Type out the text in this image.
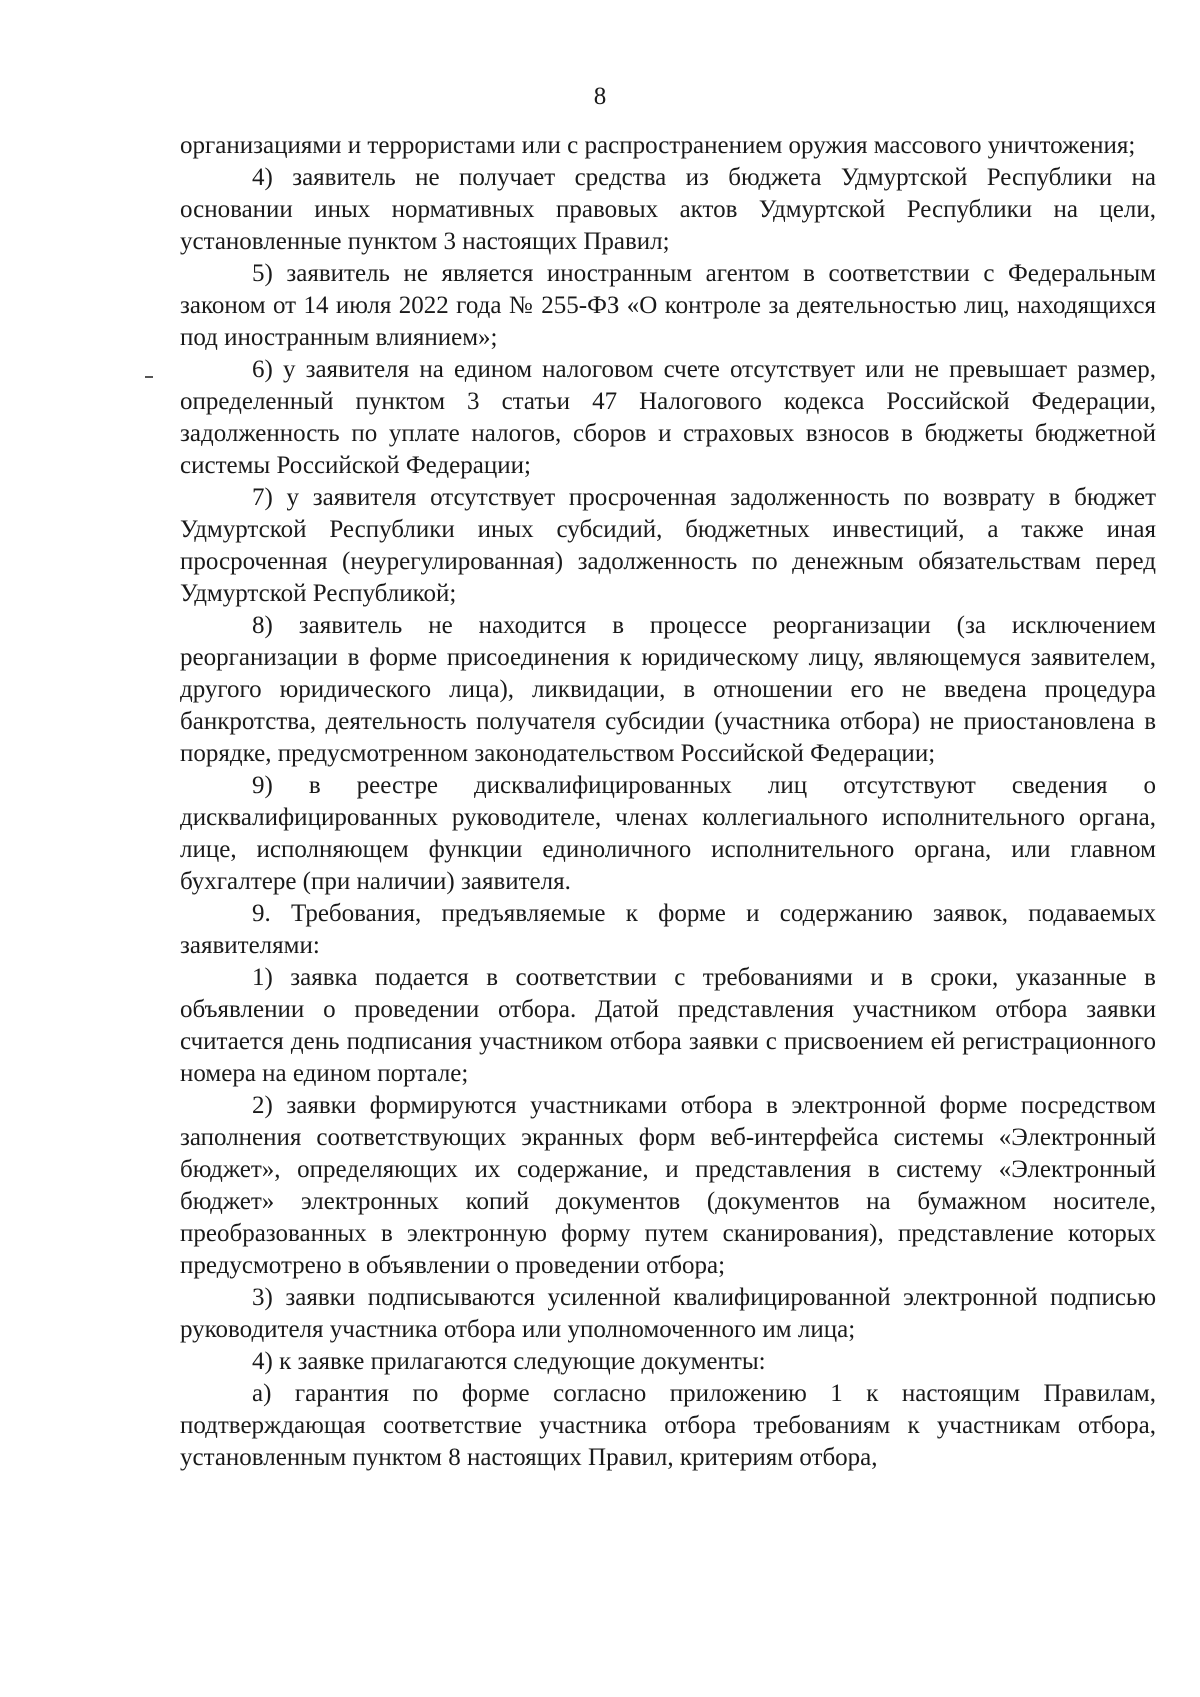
8

организациями и террористами или с распространением оружия массового уничтожения;

4) заявитель не получает средства из бюджета Удмуртской Республики на основании иных нормативных правовых актов Удмуртской Республики на цели, установленные пунктом 3 настоящих Правил;

5) заявитель не является иностранным агентом в соответствии с Федеральным законом от 14 июля 2022 года № 255-ФЗ «О контроле за деятельностью лиц, находящихся под иностранным влиянием»;

6) у заявителя на едином налоговом счете отсутствует или не превышает размер, определенный пунктом 3 статьи 47 Налогового кодекса Российской Федерации, задолженность по уплате налогов, сборов и страховых взносов в бюджеты бюджетной системы Российской Федерации;

7) у заявителя отсутствует просроченная задолженность по возврату в бюджет Удмуртской Республики иных субсидий, бюджетных инвестиций, а также иная просроченная (неурегулированная) задолженность по денежным обязательствам перед Удмуртской Республикой;

8) заявитель не находится в процессе реорганизации (за исключением реорганизации в форме присоединения к юридическому лицу, являющемуся заявителем, другого юридического лица), ликвидации, в отношении его не введена процедура банкротства, деятельность получателя субсидии (участника отбора) не приостановлена в порядке, предусмотренном законодательством Российской Федерации;

9) в реестре дисквалифицированных лиц отсутствуют сведения о дисквалифицированных руководителе, членах коллегиального исполнительного органа, лице, исполняющем функции единоличного исполнительного органа, или главном бухгалтере (при наличии) заявителя.

9. Требования, предъявляемые к форме и содержанию заявок, подаваемых заявителями:

1) заявка подается в соответствии с требованиями и в сроки, указанные в объявлении о проведении отбора. Датой представления участником отбора заявки считается день подписания участником отбора заявки с присвоением ей регистрационного номера на едином портале;

2) заявки формируются участниками отбора в электронной форме посредством заполнения соответствующих экранных форм веб-интерфейса системы «Электронный бюджет», определяющих их содержание, и представления в систему «Электронный бюджет» электронных копий документов (документов на бумажном носителе, преобразованных в электронную форму путем сканирования), представление которых предусмотрено в объявлении о проведении отбора;

3) заявки подписываются усиленной квалифицированной электронной подписью руководителя участника отбора или уполномоченного им лица;

4) к заявке прилагаются следующие документы:

а) гарантия по форме согласно приложению 1 к настоящим Правилам, подтверждающая соответствие участника отбора требованиям к участникам отбора, установленным пунктом 8 настоящих Правил, критериям отбора,
